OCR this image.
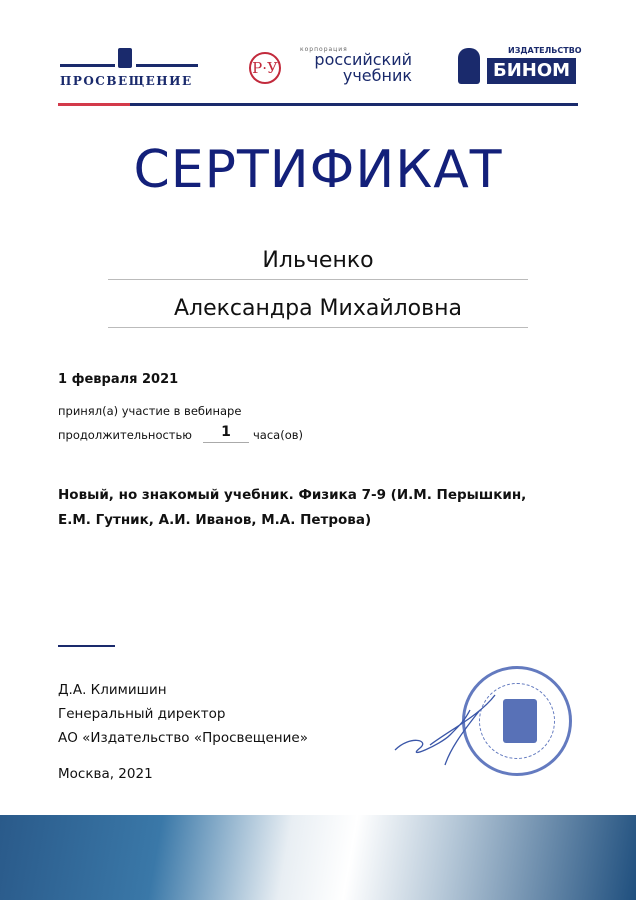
ПРОСВЕЩЕНИЕ
Р·У
корпорация
российский
учебник
ИЗДАТЕЛЬСТВО
БИНОМ
СЕРТИФИКАТ
Ильченко
Александра Михайловна
1 февраля 2021
принял(а) участие в вебинаре
продолжительностью	1	часа(ов)
Новый, но знакомый учебник. Физика 7-9 (И.М. Перышкин, Е.М. Гутник, А.И. Иванов, М.А. Петрова)
Д.А. Климишин
Генеральный директор
АО «Издательство «Просвещение»
Москва, 2021
